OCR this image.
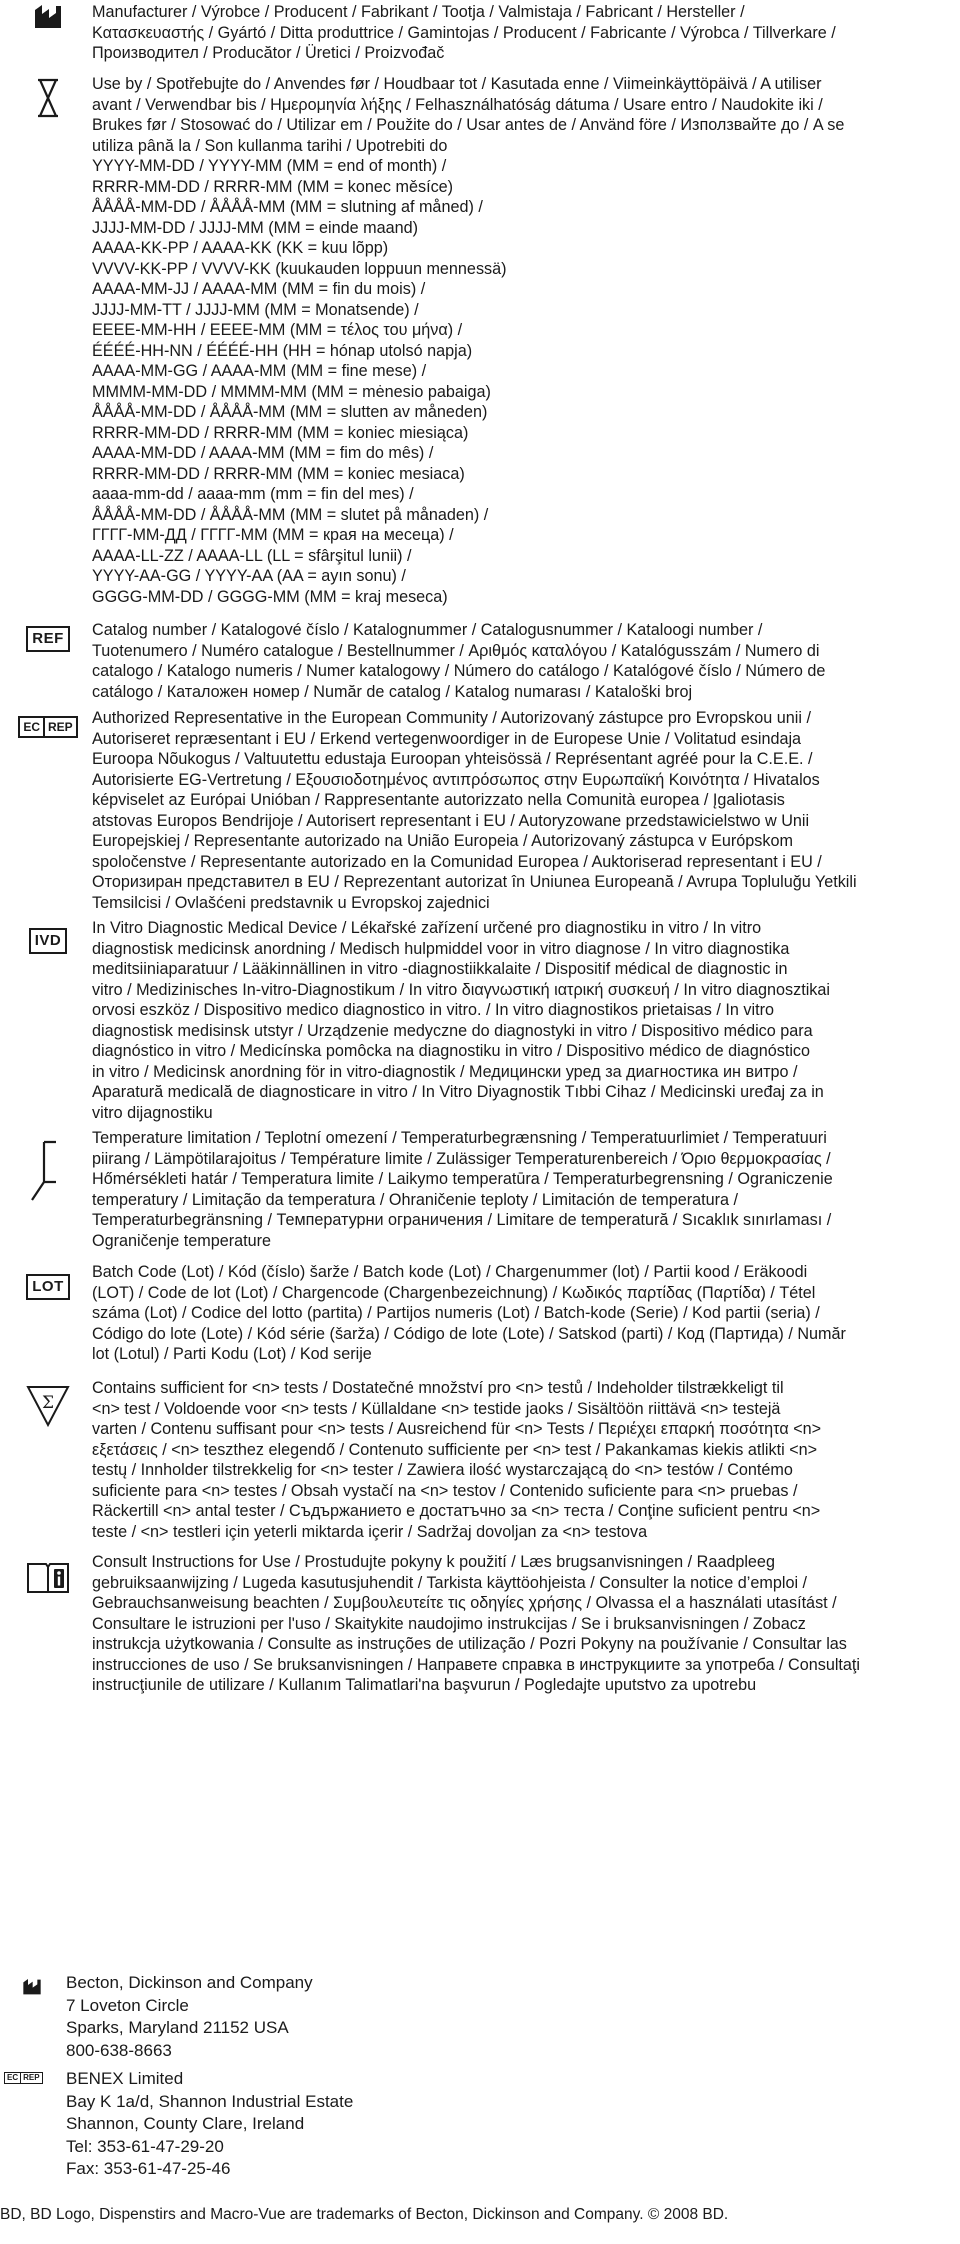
Manufacturer / Výrobce / Producent / Fabrikant / Tootja / Valmistaja / Fabricant / Hersteller /
Κατασκευαστής / Gyártó / Ditta produttrice / Gamintojas / Producent / Fabricante / Výrobca / Tillverkare /
Производител / Producător / Üretici / Proizvođač
Use by / Spotřebujte do / Anvendes før / Houdbaar tot / Kasutada enne / Viimeinkäyttöpäivä / A utiliser
avant / Verwendbar bis / Ημερομηνία λήξης / Felhasználhatóság dátuma / Usare entro / Naudokite iki /
Brukes før / Stosować do / Utilizar em / Použite do / Usar antes de / Använd före / Използвайте до / A se
utiliza până la / Son kullanma tarihi / Upotrebiti do
YYYY-MM-DD / YYYY-MM (MM = end of month) /
RRRR-MM-DD / RRRR-MM (MM = konec měsíce)
ÅÅÅÅ-MM-DD / ÅÅÅÅ-MM (MM = slutning af måned) /
JJJJ-MM-DD / JJJJ-MM (MM = einde maand)
AAAA-KK-PP / AAAA-KK (KK = kuu lõpp)
VVVV-KK-PP / VVVV-KK (kuukauden loppuun mennessä)
AAAA-MM-JJ / AAAA-MM (MM = fin du mois) /
JJJJ-MM-TT / JJJJ-MM (MM = Monatsende) /
ΕΕΕΕ-ΜΜ-ΗΗ / ΕΕΕΕ-ΜΜ (ΜΜ = τέλος του μήνα) /
ÉÉÉÉ-HH-NN / ÉÉÉÉ-HH (HH = hónap utolsó napja)
AAAA-MM-GG / AAAA-MM (MM = fine mese) /
MMMM-MM-DD / MMMM-MM (MM = mėnesio pabaiga)
ÅÅÅÅ-MM-DD / ÅÅÅÅ-MM (MM = slutten av måneden)
RRRR-MM-DD / RRRR-MM (MM = koniec miesiąca)
AAAA-MM-DD / AAAA-MM (MM = fim do mês) /
RRRR-MM-DD / RRRR-MM (MM = koniec mesiaca)
aaaa-mm-dd / aaaa-mm (mm = fin del mes) /
ÅÅÅÅ-MM-DD / ÅÅÅÅ-MM (MM = slutet på månaden) /
ГГГГ-ММ-ДД / ГГГГ-ММ (ММ = края на месеца) /
AAAA-LL-ZZ / AAAA-LL (LL = sfârşitul lunii) /
YYYY-AA-GG / YYYY-AA (AA = ayın sonu) /
GGGG-MM-DD / GGGG-MM (MM = kraj meseca)
REF	Catalog number / Katalogové číslo / Katalognummer / Catalogusnummer / Kataloogi number /
Tuotenumero / Numéro catalogue / Bestellnummer / Αριθμός καταλόγου / Katalógusszám / Numero di
catalogo / Katalogo numeris / Numer katalogowy / Número do catálogo / Katalógové číslo / Número de
catálogo / Каталожен номер / Număr de catalog / Katalog numarası / Kataloški broj
EC REP Authorized Representative in the European Community / Autorizovaný zástupce pro Evropskou unii /
Autoriseret repræsentant i EU / Erkend vertegenwoordiger in de Europese Unie / Volitatud esindaja
Euroopa Nõukogus / Valtuutettu edustaja Euroopan yhteisössä / Représentant agréé pour la C.E.E. /
Autorisierte EG-Vertretung / Εξουσιοδοτημένος αντιπρόσωπος στην Ευρωπαϊκή Κοινότητα / Hivatalos
képviselet az Európai Unióban / Rappresentante autorizzato nella Comunità europea / Įgaliotasis
atstovas Europos Bendrijoje / Autorisert representant i EU / Autoryzowane przedstawicielstwo w Unii
Europejskiej / Representante autorizado na União Europeia / Autorizovaný zástupca v Európskom
spoločenstve / Representante autorizado en la Comunidad Europea / Auktoriserad representant i EU /
Оторизиран представител в ЕU / Reprezentant autorizat în Uniunea Europeană / Avrupa Topluluğu Yetkili
Temsilcisi / Ovlašćeni predstavnik u Evropskoj zajednici
IVD
In Vitro Diagnostic Medical Device / Lékařské zařízení určené pro diagnostiku in vitro / In vitro
diagnostisk medicinsk anordning / Medisch hulpmiddel voor in vitro diagnose / In vitro diagnostika
meditsiiniaparatuur / Lääkinnällinen in vitro -diagnostiikkalaite / Dispositif médical de diagnostic in
vitro / Medizinisches In-vitro-Diagnostikum / In vitro διαγνωστική ιατρική συσκευή / In vitro diagnosztikai
orvosi eszköz / Dispositivo medico diagnostico in vitro. / In vitro diagnostikos prietaisas / In vitro
diagnostisk medisinsk utstyr / Urządzenie medyczne do diagnostyki in vitro / Dispositivo médico para
diagnóstico in vitro / Medicínska pomôcka na diagnostiku in vitro / Dispositivo médico de diagnóstico
in vitro / Medicinsk anordning för in vitro-diagnostik / Медицински уред за диагностика ин витро /
Aparatură medicală de diagnosticare in vitro / In Vitro Diyagnostik Tıbbi Cihaz / Medicinski uređaj za in
vitro dijagnostiku
Temperature limitation / Teplotní omezení / Temperaturbegrænsning / Temperatuurlimiet / Temperatuuri
piirang / Lämpötilarajoitus / Température limite / Zulässiger Temperaturenbereich / Όριο θερμοκρασίας /
Hőmérsékleti határ / Temperatura limite / Laikymo temperatūra / Temperaturbegrensning / Ograniczenie
temperatury / Limitação da temperatura / Ohraničenie teploty / Limitación de temperatura /
Temperaturbegränsning / Температурни ограничения / Limitare de temperatură / Sıcaklık sınırlaması /
Ograničenje temperature
LOT
Batch Code (Lot) / Kód (číslo) šarže / Batch kode (Lot) / Chargenummer (lot) / Partii kood / Eräkoodi
(LOT) / Code de lot (Lot) / Chargencode (Chargenbezeichnung) / Κωδικός παρτίδας (Παρτίδα) / Tétel
száma (Lot) / Codice del lotto (partita) / Partijos numeris (Lot) / Batch-kode (Serie) / Kod partii (seria) /
Código do lote (Lote) / Kód série (šarža) / Código de lote (Lote) / Satskod (parti) / Код (Партида) / Număr
lot (Lotul) / Parti Kodu (Lot) / Kod serije
Σ
Contains sufficient for <n> tests / Dostatečné množství pro <n> testů / Indeholder tilstrækkeligt til
<n> test / Voldoende voor <n> tests / Küllaldane <n> testide jaoks / Sisältöön riittävä <n> testejä
varten / Contenu suffisant pour <n> tests / Ausreichend für <n> Tests / Περιέχει επαρκή ποσότητα <n>
εξετάσεις / <n> teszthez elegendő / Contenuto sufficiente per <n> test / Pakankamas kiekis atlikti <n>
testų / Innholder tilstrekkelig for <n> tester / Zawiera ilość wystarczającą do <n> testów / Contémo
suficiente para <n> testes / Obsah vystačí na <n> testov / Contenido suficiente para <n> pruebas /
Räckertill <n> antal tester / Съдържанието е достатъчно за <n> теста / Conţine suficient pentru <n>
teste / <n> testleri için yeterli miktarda içerir / Sadržaj dovoljan za <n> testova
Consult Instructions for Use / Prostudujte pokyny k použití / Læs brugsanvisningen / Raadpleeg
gebruiksaanwijzing / Lugeda kasutusjuhendit / Tarkista käyttöohjeista / Consulter la notice d’emploi /
Gebrauchsanweisung beachten / Συμβουλευτείτε τις οδηγίες χρήσης / Olvassa el a használati utasítást /
Consultare le istruzioni per l'uso / Skaitykite naudojimo instrukcijas / Se i bruksanvisningen / Zobacz
instrukcja użytkowania / Consulte as instruções de utilização / Pozri Pokyny na používanie / Consultar las
instrucciones de uso / Se bruksanvisningen / Направете справка в инструкциите за употреба / Consultaţi
instrucţiunile de utilizare / Kullanım Talimatlari'na başvurun / Pogledajte uputstvo za upotrebu
Becton, Dickinson and Company
7 Loveton Circle
Sparks, Maryland 21152 USA
800-638-8663
EC REP BENEX Limited
Bay K 1a/d, Shannon Industrial Estate
Shannon, County Clare, Ireland
Tel: 353-61-47-29-20
Fax: 353-61-47-25-46
BD, BD Logo, Dispenstirs and Macro-Vue are trademarks of Becton, Dickinson and Company. © 2008 BD.
